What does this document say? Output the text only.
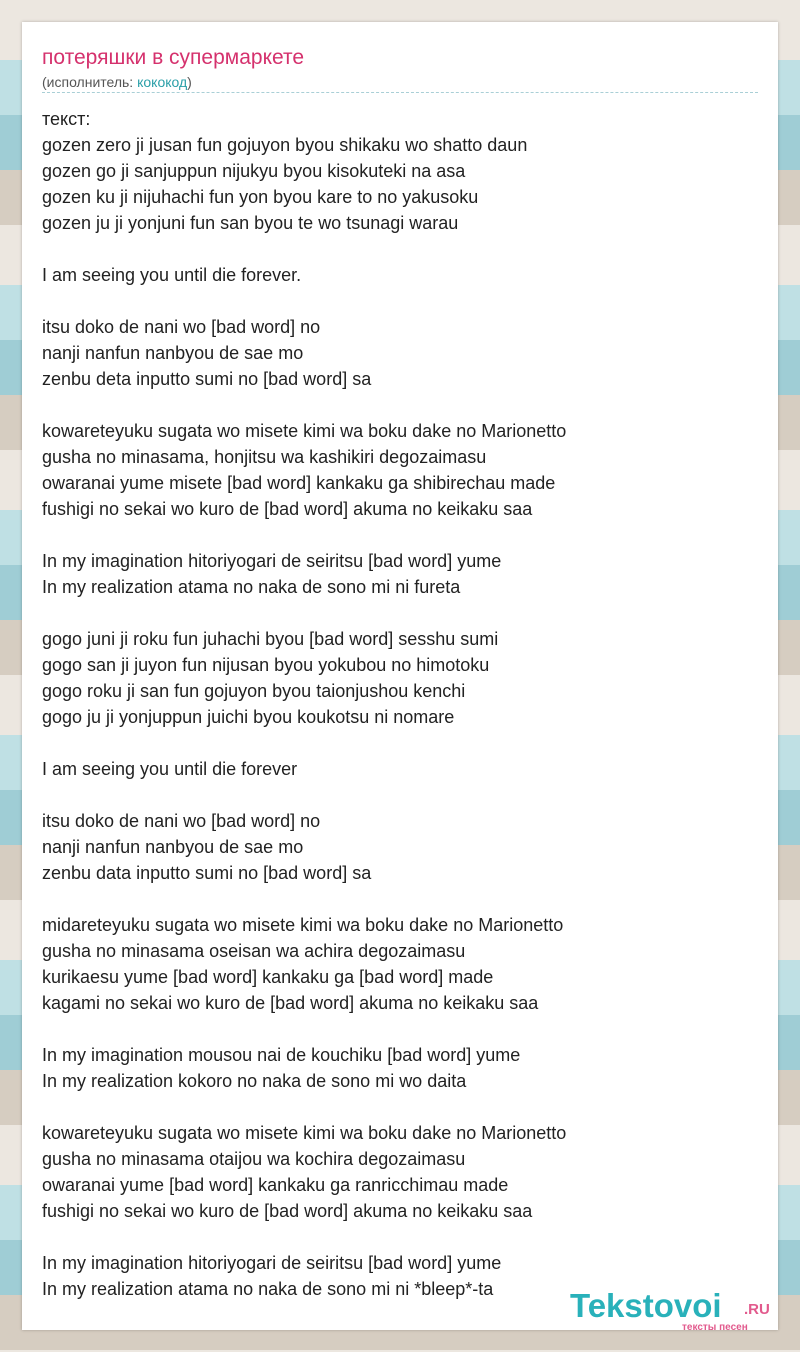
потеряшки в супермаркете
(исполнитель: кококод)
текст:
gozen zero ji jusan fun gojuyon byou shikaku wo shatto daun
gozen go ji sanjuppun nijukyu byou kisokuteki na asa
gozen ku ji nijuhachi fun yon byou kare to no yakusoku
gozen ju ji yonjuni fun san byou te wo tsunagi warau

I am seeing you until die forever.

itsu doko de nani wo [bad word] no
nanji nanfun nanbyou de sae mo
zenbu deta inputto sumi no [bad word] sa

kowareteyuku sugata wo misete kimi wa boku dake no Marionetto
gusha no minasama, honjitsu wa kashikiri degozaimasu
owaranai yume misete [bad word] kankaku ga shibirechau made
fushigi no sekai wo kuro de [bad word] akuma no keikaku saa

In my imagination hitoriyogari de seiritsu [bad word] yume
In my realization atama no naka de sono mi ni fureta

gogo juni ji roku fun juhachi byou [bad word] sesshu sumi
gogo san ji juyon fun nijusan byou yokubou no himotoku
gogo roku ji san fun gojuyon byou taionjushou kenchi
gogo ju ji yonjuppun juichi byou koukotsu ni nomare

I am seeing you until die forever

itsu doko de nani wo [bad word] no
nanji nanfun nanbyou de sae mo
zenbu data inputto sumi no [bad word] sa

midareteyuku sugata wo misete kimi wa boku dake no Marionetto
gusha no minasama oseisan wa achira degozaimasu
kurikaesu yume [bad word] kankaku ga [bad word] made
kagami no sekai wo kuro de [bad word] akuma no keikaku saa

In my imagination mousou nai de kouchiku [bad word] yume
In my realization kokoro no naka de sono mi wo daita

kowareteyuku sugata wo misete kimi wa boku dake no Marionetto
gusha no minasama otaijou wa kochira degozaimasu
owaranai yume [bad word] kankaku ga ranricchimau made
fushigi no sekai wo kuro de [bad word] akuma no keikaku saa

In my imagination hitoriyogari de seiritsu [bad word] yume
In my realization atama no naka de sono mi ni *bleep*-ta	Tekstovoi .RU
тексты песен
